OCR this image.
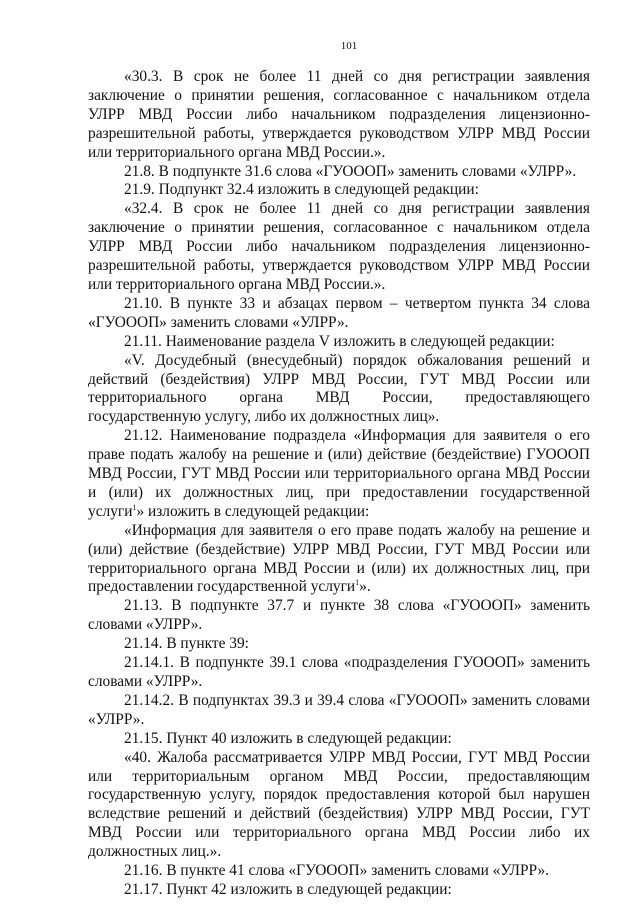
101

«30.3. В срок не более 11 дней со дня регистрации заявления заключение о принятии решения, согласованное с начальником отдела УЛРР МВД России либо начальником подразделения лицензионно-разрешительной работы, утверждается руководством УЛРР МВД России или территориального органа МВД России.».

21.8. В подпункте 31.6 слова «ГУОООП» заменить словами «УЛРР».

21.9. Подпункт 32.4 изложить в следующей редакции:

«32.4. В срок не более 11 дней со дня регистрации заявления заключение о принятии решения, согласованное с начальником отдела УЛРР МВД России либо начальником подразделения лицензионно-разрешительной работы, утверждается руководством УЛРР МВД России или территориального органа МВД России.».

21.10. В пункте 33 и абзацах первом – четвертом пункта 34 слова «ГУОООП» заменить словами «УЛРР».

21.11. Наименование раздела V изложить в следующей редакции:

«V. Досудебный (внесудебный) порядок обжалования решений и действий (бездействия) УЛРР МВД России, ГУТ МВД России или территориального органа МВД России, предоставляющего государственную услугу, либо их должностных лиц».

21.12. Наименование подраздела «Информация для заявителя о его праве подать жалобу на решение и (или) действие (бездействие) ГУОООП МВД России, ГУТ МВД России или территориального органа МВД России и (или) их должностных лиц, при предоставлении государственной услуги$^1$» изложить в следующей редакции:

«Информация для заявителя о его праве подать жалобу на решение и (или) действие (бездействие) УЛРР МВД России, ГУТ МВД России или территориального органа МВД России и (или) их должностных лиц, при предоставлении государственной услуги$^1$».

21.13. В подпункте 37.7 и пункте 38 слова «ГУОООП» заменить словами «УЛРР».

21.14. В пункте 39:

21.14.1. В подпункте 39.1 слова «подразделения ГУОООП» заменить словами «УЛРР».

21.14.2. В подпунктах 39.3 и 39.4 слова «ГУОООП» заменить словами «УЛРР».

21.15. Пункт 40 изложить в следующей редакции:

«40. Жалоба рассматривается УЛРР МВД России, ГУТ МВД России или территориальным органом МВД России, предоставляющим государственную услугу, порядок предоставления которой был нарушен вследствие решений и действий (бездействия) УЛРР МВД России, ГУТ МВД России или территориального органа МВД России либо их должностных лиц.».

21.16. В пункте 41 слова «ГУОООП» заменить словами «УЛРР».

21.17. Пункт 42 изложить в следующей редакции:
